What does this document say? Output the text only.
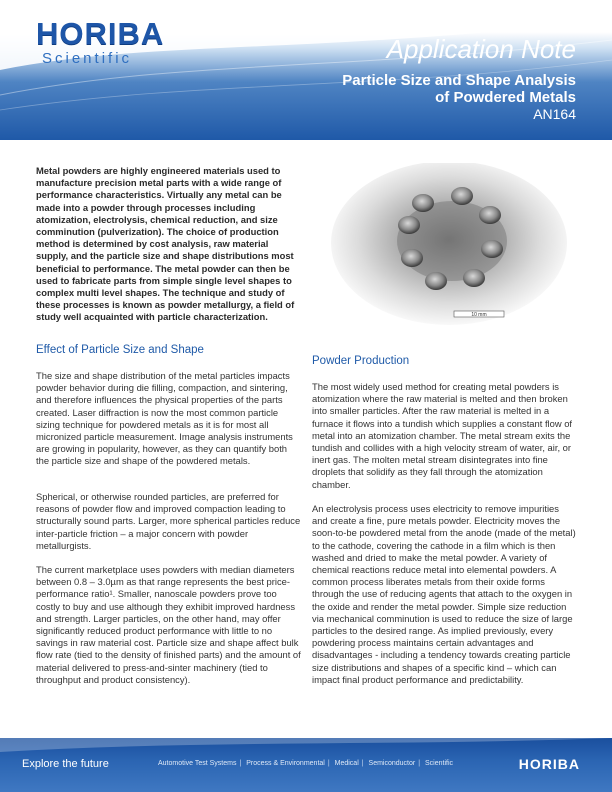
HORIBA
Scientific	Application Note
Particle Size and Shape Analysis
of Powdered Metals
AN164
Metal powders are highly engineered materials used to manufacture precision metal parts with a wide range of performance characteristics. Virtually any metal can be made into a powder through processes including atomization, electrolysis, chemical reduction, and size comminution (pulverization). The choice of production method is determined by cost analysis, raw material supply, and the particle size and shape distributions most beneficial to performance. The metal powder can then be used to fabricate parts from simple single level shapes to complex multi level shapes. The technique and study of these processes is known as powder metallurgy, a field of study well acquainted with particle characterization.	10 mm
Effect of Particle Size and Shape

The size and shape distribution of the metal particles impacts powder behavior during die filling, compaction, and sintering, and therefore influences the physical properties of the parts created. Laser diffraction is now the most common particle sizing technique for powdered metals as it is for most all micronized particle measurement. Image analysis instruments are growing in popularity, however, as they can quantify both the particle size and shape of the powdered metals.

Spherical, or otherwise rounded particles, are preferred for reasons of powder flow and improved compaction leading to structurally sound parts. Larger, more spherical particles reduce inter-particle friction – a major concern with powder metallurgists.

The current marketplace uses powders with median diameters between 0.8 – 3.0µm as that range represents the best price-performance ratio¹. Smaller, nanoscale powders prove too costly to buy and use although they exhibit improved hardness and strength. Larger particles, on the other hand, may offer significantly reduced product performance with little to no savings in raw material cost. Particle size and shape affect bulk flow rate (tied to the density of finished parts) and the amount of material delivered to press-and-sinter machinery (tied to throughput and product consistency).

Powder Production

The most widely used method for creating metal powders is atomization where the raw material is melted and then broken into smaller particles. After the raw material is melted in a furnace it flows into a tundish which supplies a constant flow of metal into an atomization chamber. The metal stream exits the tundish and collides with a high velocity stream of water, air, or inert gas. The molten metal stream disintegrates into fine droplets that solidify as they fall through the atomization chamber.

An electrolysis process uses electricity to remove impurities and create a fine, pure metals powder. Electricity moves the soon-to-be powdered metal from the anode (made of the metal) to the cathode, covering the cathode in a film which is then washed and dried to make the metal powder. A variety of chemical reactions reduce metal into elemental powders. A common process liberates metals from their oxide forms through the use of reducing agents that attach to the oxygen in the oxide and render the metal powder. Simple size reduction via mechanical comminution is used to reduce the size of large particles to the desired range. As implied previously, every powdering process maintains certain advantages and disadvantages - including a tendency towards creating particle size distributions and shapes of a specific kind – which can impact final product performance and predictability.

Explore the future	Automotive Test Systems | Process & Environmental | Medical | Semiconductor | Scientific	HORIBA
